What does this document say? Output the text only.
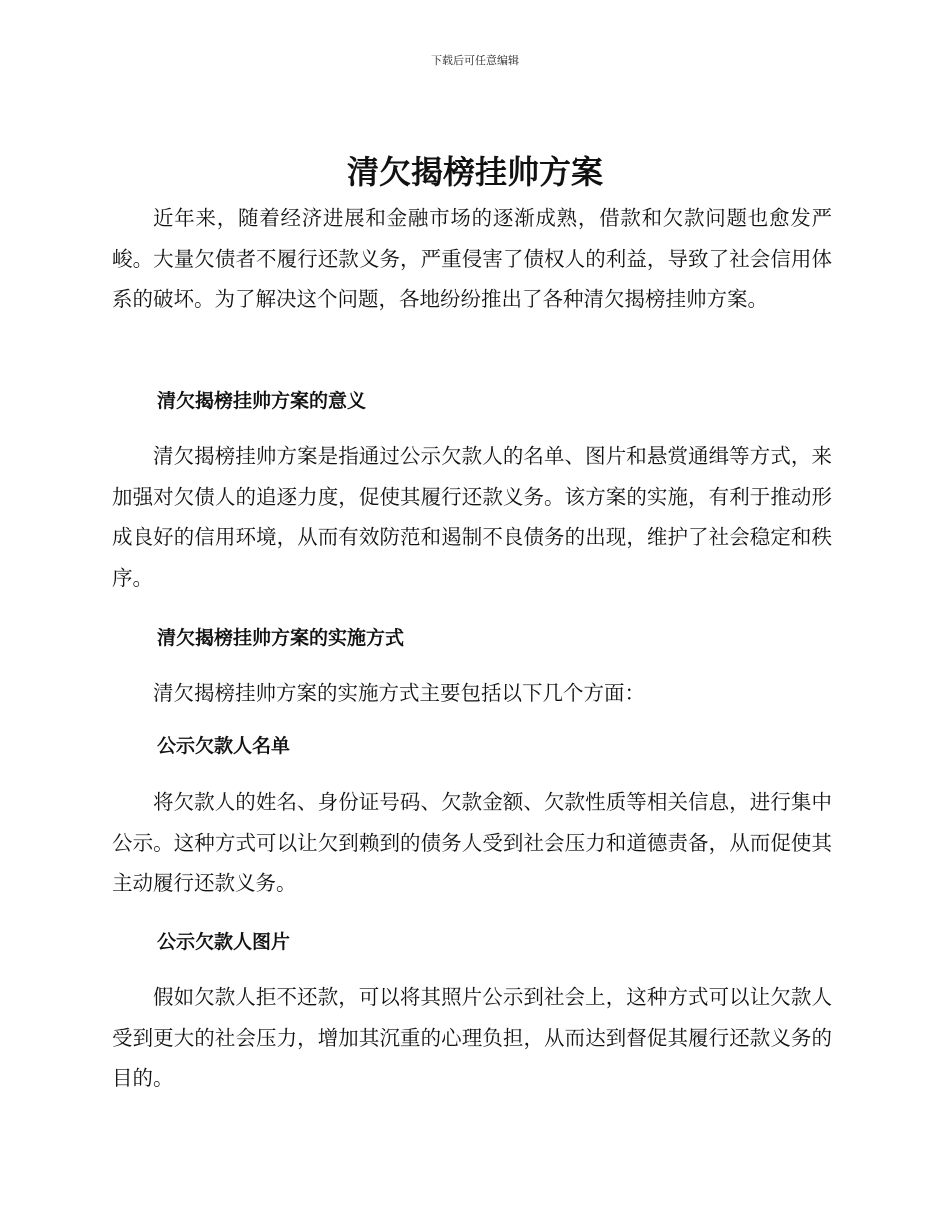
下载后可任意编辑
清欠揭榜挂帅方案

近年来，随着经济进展和金融市场的逐渐成熟，借款和欠款问题也愈发严峻。大量欠债者不履行还款义务，严重侵害了债权人的利益，导致了社会信用体系的破坏。为了解决这个问题，各地纷纷推出了各种清欠揭榜挂帅方案。

清欠揭榜挂帅方案的意义

清欠揭榜挂帅方案是指通过公示欠款人的名单、图片和悬赏通缉等方式，来加强对欠债人的追逐力度，促使其履行还款义务。该方案的实施，有利于推动形成良好的信用环境，从而有效防范和遏制不良债务的出现，维护了社会稳定和秩序。

清欠揭榜挂帅方案的实施方式

清欠揭榜挂帅方案的实施方式主要包括以下几个方面：

公示欠款人名单

将欠款人的姓名、身份证号码、欠款金额、欠款性质等相关信息，进行集中公示。这种方式可以让欠到赖到的债务人受到社会压力和道德责备，从而促使其主动履行还款义务。

公示欠款人图片

假如欠款人拒不还款，可以将其照片公示到社会上，这种方式可以让欠款人受到更大的社会压力，增加其沉重的心理负担，从而达到督促其履行还款义务的目的。
